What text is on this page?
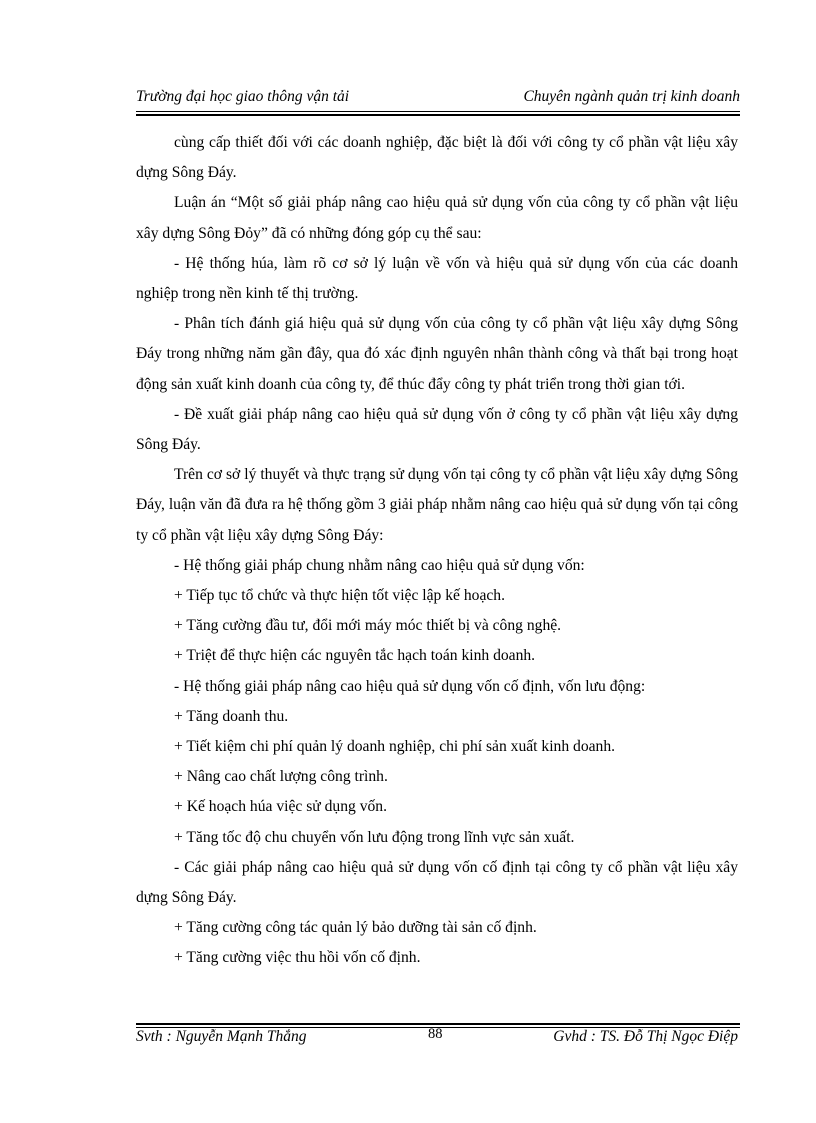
Trường đại học giao thông vận tải	Chuyên ngành quản trị kinh doanh

cùng cấp thiết đối với các doanh nghiệp, đặc biệt là đối với công ty cổ phần vật liệu xây dựng Sông Đáy.

Luận án “Một số giải pháp nâng cao hiệu quả sử dụng vốn của công ty cổ phần vật liệu xây dựng Sông Đỏy” đã có những đóng góp cụ thể sau:

- Hệ thống húa, làm rõ cơ sở lý luận về vốn và hiệu quả sử dụng vốn của các doanh nghiệp trong nền kinh tế thị trường.

- Phân tích đánh giá hiệu quả sử dụng vốn của công ty cổ phần vật liệu xây dựng Sông Đáy trong những năm gần đây, qua đó xác định nguyên nhân thành công và thất bại trong hoạt động sản xuất kinh doanh của công ty, để thúc đẩy công ty phát triển trong thời gian tới.

- Đề xuất giải pháp nâng cao hiệu quả sử dụng vốn ở công ty cổ phần vật liệu xây dựng Sông Đáy.

Trên cơ sở lý thuyết và thực trạng sử dụng vốn tại công ty cổ phần vật liệu xây dựng Sông Đáy, luận văn đã đưa ra hệ thống gồm 3 giải pháp nhằm nâng cao hiệu quả sử dụng vốn tại công ty cổ phần vật liệu xây dựng Sông Đáy:

- Hệ thống giải pháp chung nhằm nâng cao hiệu quả sử dụng vốn:

+ Tiếp tục tổ chức và thực hiện tốt việc lập kế hoạch.

+ Tăng cường đầu tư, đổi mới máy móc thiết bị và công nghệ.

+ Triệt để thực hiện các nguyên tắc hạch toán kinh doanh.

- Hệ thống giải pháp nâng cao hiệu quả sử dụng vốn cố định, vốn lưu động:

+ Tăng doanh thu.

+ Tiết kiệm chi phí quản lý doanh nghiệp, chi phí sản xuất kinh doanh.

+ Nâng cao chất lượng công trình.

+ Kế hoạch húa việc sử dụng vốn.

+ Tăng tốc độ chu chuyển vốn lưu động trong lĩnh vực sản xuất.

- Các giải pháp nâng cao hiệu quả sử dụng vốn cố định tại công ty cổ phần vật liệu xây dựng Sông Đáy.

+ Tăng cường công tác quản lý bảo dưỡng tài sản cố định.

+ Tăng cường việc thu hồi vốn cố định.

Svth : Nguyễn Mạnh Thắng	88	Gvhd : TS. Đỗ Thị Ngọc Điệp
